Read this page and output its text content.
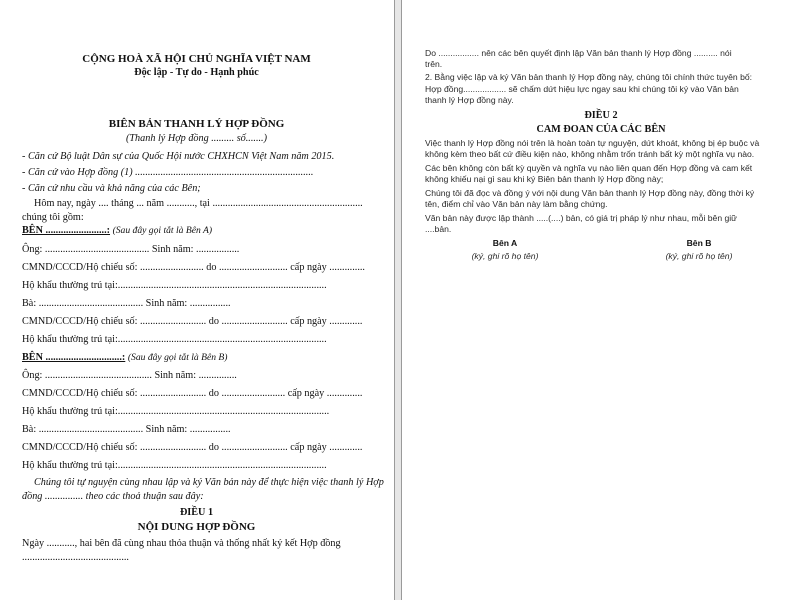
CỘNG HOÀ XÃ HỘI CHỦ NGHĨA VIỆT NAM
Độc lập - Tự do - Hạnh phúc
BIÊN BẢN THANH LÝ HỢP ĐỒNG
(Thanh lý Hợp đồng ......... số.......)
- Căn cứ Bộ luật Dân sự của Quốc Hội nước CHXHCN Việt Nam năm 2015.
- Căn cứ vào Hợp đồng (1) ......................................................................
- Căn cứ nhu cầu và khả năng của các Bên;
Hôm nay, ngày .... tháng ... năm ..........., tại ...........................................................
chúng tôi gồm:
BÊN ........................: (Sau đây gọi tắt là Bên A)
Ông: ......................................... Sinh năm: .................
CMND/CCCD/Hộ chiếu số: ......................... do ........................... cấp ngày ..............
Hộ khẩu thường trú tại:..................................................................................
Bà: ......................................... Sinh năm: ................
CMND/CCCD/Hộ chiếu số: .......................... do .......................... cấp ngày .............
Hộ khẩu thường trú tại:..................................................................................
BÊN ..............................: (Sau đây gọi tắt là Bên B)
Ông: .......................................... Sinh năm: ...............
CMND/CCCD/Hộ chiếu số: .......................... do ......................... cấp ngày ..............
Hộ khẩu thường trú tại:...................................................................................
Bà: ......................................... Sinh năm: ................
CMND/CCCD/Hộ chiếu số: .......................... do .......................... cấp ngày .............
Hộ khẩu thường trú tại:..................................................................................
Chúng tôi tự nguyện cùng nhau lập và ký Văn bản này để thực hiện việc thanh lý Hợp
đồng ............... theo các thoả thuận sau đây:
ĐIỀU 1
NỘI DUNG HỢP ĐỒNG
Ngày ..........., hai bên đã cùng nhau thỏa thuận và thống nhất ký kết Hợp đồng
..........................................
Do ................. nên các bên quyết định lập Văn bản thanh lý Hợp đồng .......... nói
trên.
2. Bằng việc lập và ký Văn bản thanh lý Hợp đồng này, chúng tôi chính thức tuyên bố:
Hợp đồng.................. sẽ chấm dứt hiệu lực ngay sau khi chúng tôi ký vào Văn bản
thanh lý Hợp đồng này.
ĐIỀU 2
CAM ĐOAN CỦA CÁC BÊN
Việc thanh lý Hợp đồng nói trên là hoàn toàn tự nguyện, dứt khoát, không bị ép buộc và
không kèm theo bất cứ điều kiện nào, không nhằm trốn tránh bất kỳ một nghĩa vụ nào.
Các bên không còn bất kỳ quyền và nghĩa vụ nào liên quan đến Hợp đồng và cam kết
không khiếu nại gì sau khi ký Biên bản thanh lý Hợp đồng này;
Chúng tôi đã đọc và đồng ý với nội dung Văn bản thanh lý Hợp đồng này, đồng thời ký
tên, điểm chỉ vào Văn bản này làm bằng chứng.
Văn bản này được lập thành .....(....) bản, có giá trị pháp lý như nhau, mỗi bên giữ
....bản.
Bên A
(ký, ghi rõ họ tên)
Bên B
(ký, ghi rõ họ tên)
